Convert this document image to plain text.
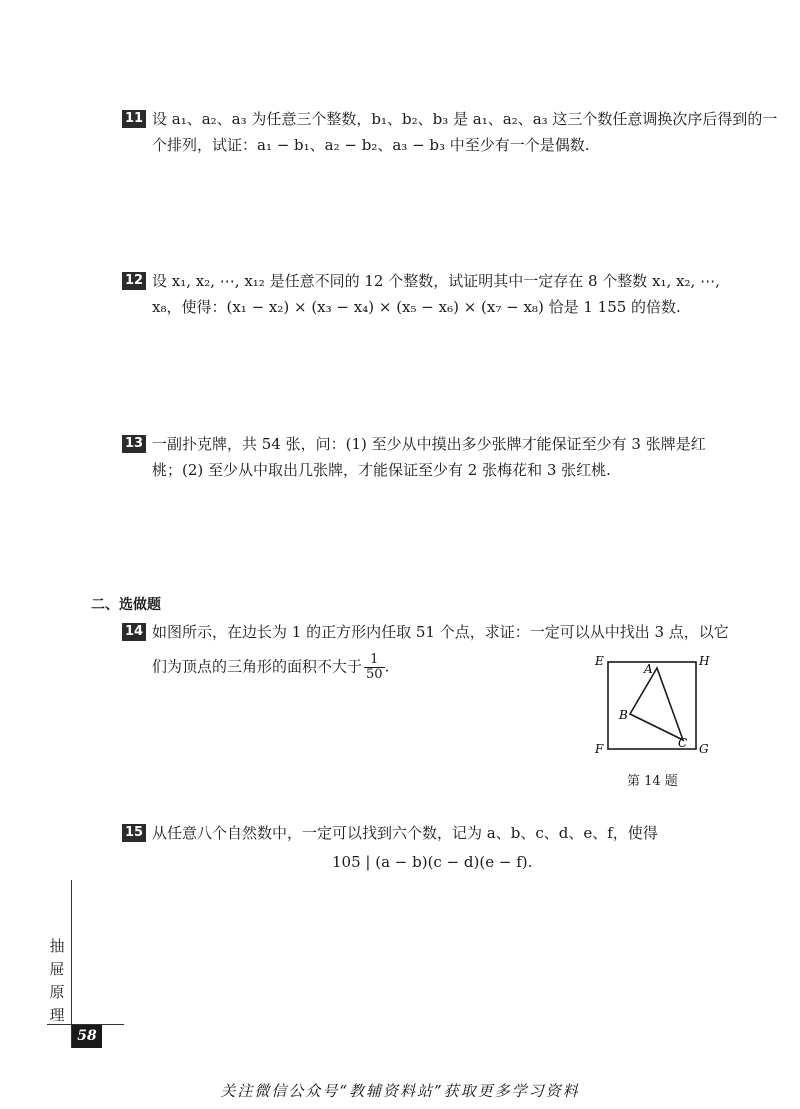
11 设 a₁、a₂、a₃ 为任意三个整数，b₁、b₂、b₃ 是 a₁、a₂、a₃ 这三个数任意调换次序后得到的一
个排列，试证：a₁ − b₁、a₂ − b₂、a₃ − b₃ 中至少有一个是偶数.
12 设 x₁, x₂, ⋯, x₁₂ 是任意不同的 12 个整数，试证明其中一定存在 8 个整数 x₁, x₂, ⋯,
x₈，使得：(x₁ − x₂) × (x₃ − x₄) × (x₅ − x₆) × (x₇ − x₈) 恰是 1 155 的倍数.
13 一副扑克牌，共 54 张，问：(1) 至少从中摸出多少张牌才能保证至少有 3 张牌是红
桃；(2) 至少从中取出几张牌，才能保证至少有 2 张梅花和 3 张红桃.
二、选做题
14 如图所示，在边长为 1 的正方形内任取 51 个点，求证：一定可以从中找出 3 点，以它
们为顶点的三角形的面积不大于 $\frac{1}{50}$ .	E	H
F	G
A
B
C
第 14 题
15 从任意八个自然数中，一定可以找到六个数，记为 a、b、c、d、e、f，使得
105 | (a − b)(c − d)(e − f).
抽
屉
原
理
58
关注微信公众号“教辅资料站”获取更多学习资料
